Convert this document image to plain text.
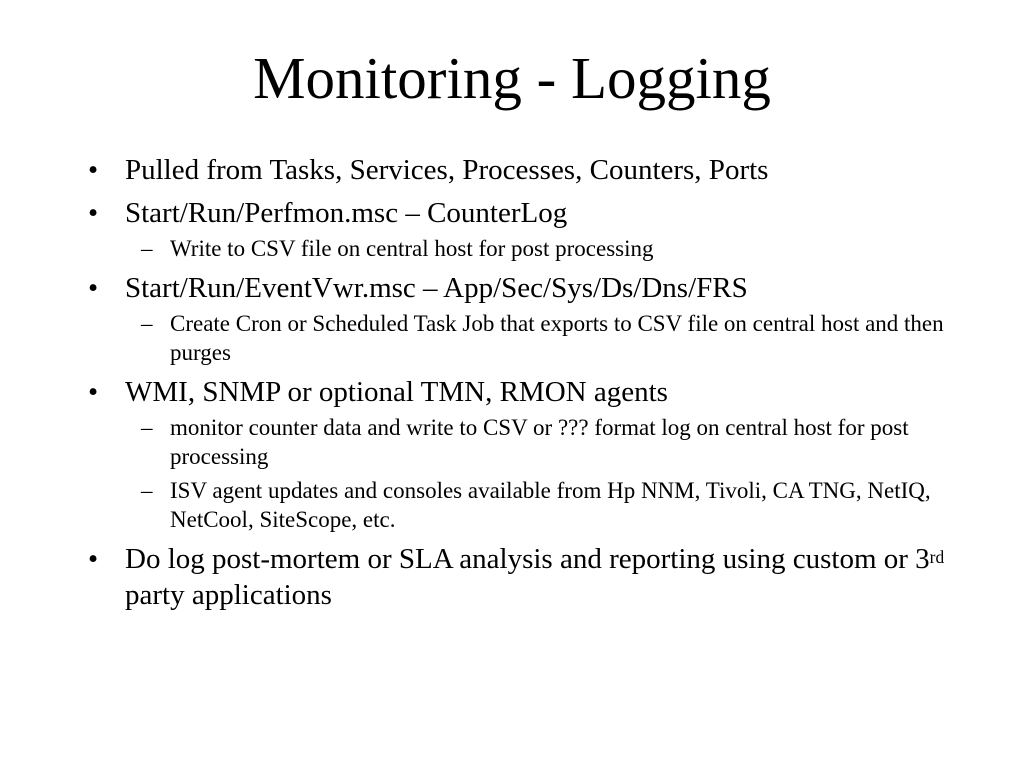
Monitoring - Logging
• Pulled from Tasks, Services, Processes, Counters, Ports
• Start/Run/Perfmon.msc – CounterLog
– Write to CSV file on central host for post processing
• Start/Run/EventVwr.msc – App/Sec/Sys/Ds/Dns/FRS
– Create Cron or Scheduled Task Job that exports to CSV file on central host and then purges
• WMI, SNMP or optional TMN, RMON agents
– monitor counter data and write to CSV or ??? format log on central host for post processing
– ISV agent updates and consoles available from Hp NNM, Tivoli, CA TNG, NetIQ, NetCool, SiteScope, etc.
• Do log post-mortem or SLA analysis and reporting using custom or 3rd party applications
